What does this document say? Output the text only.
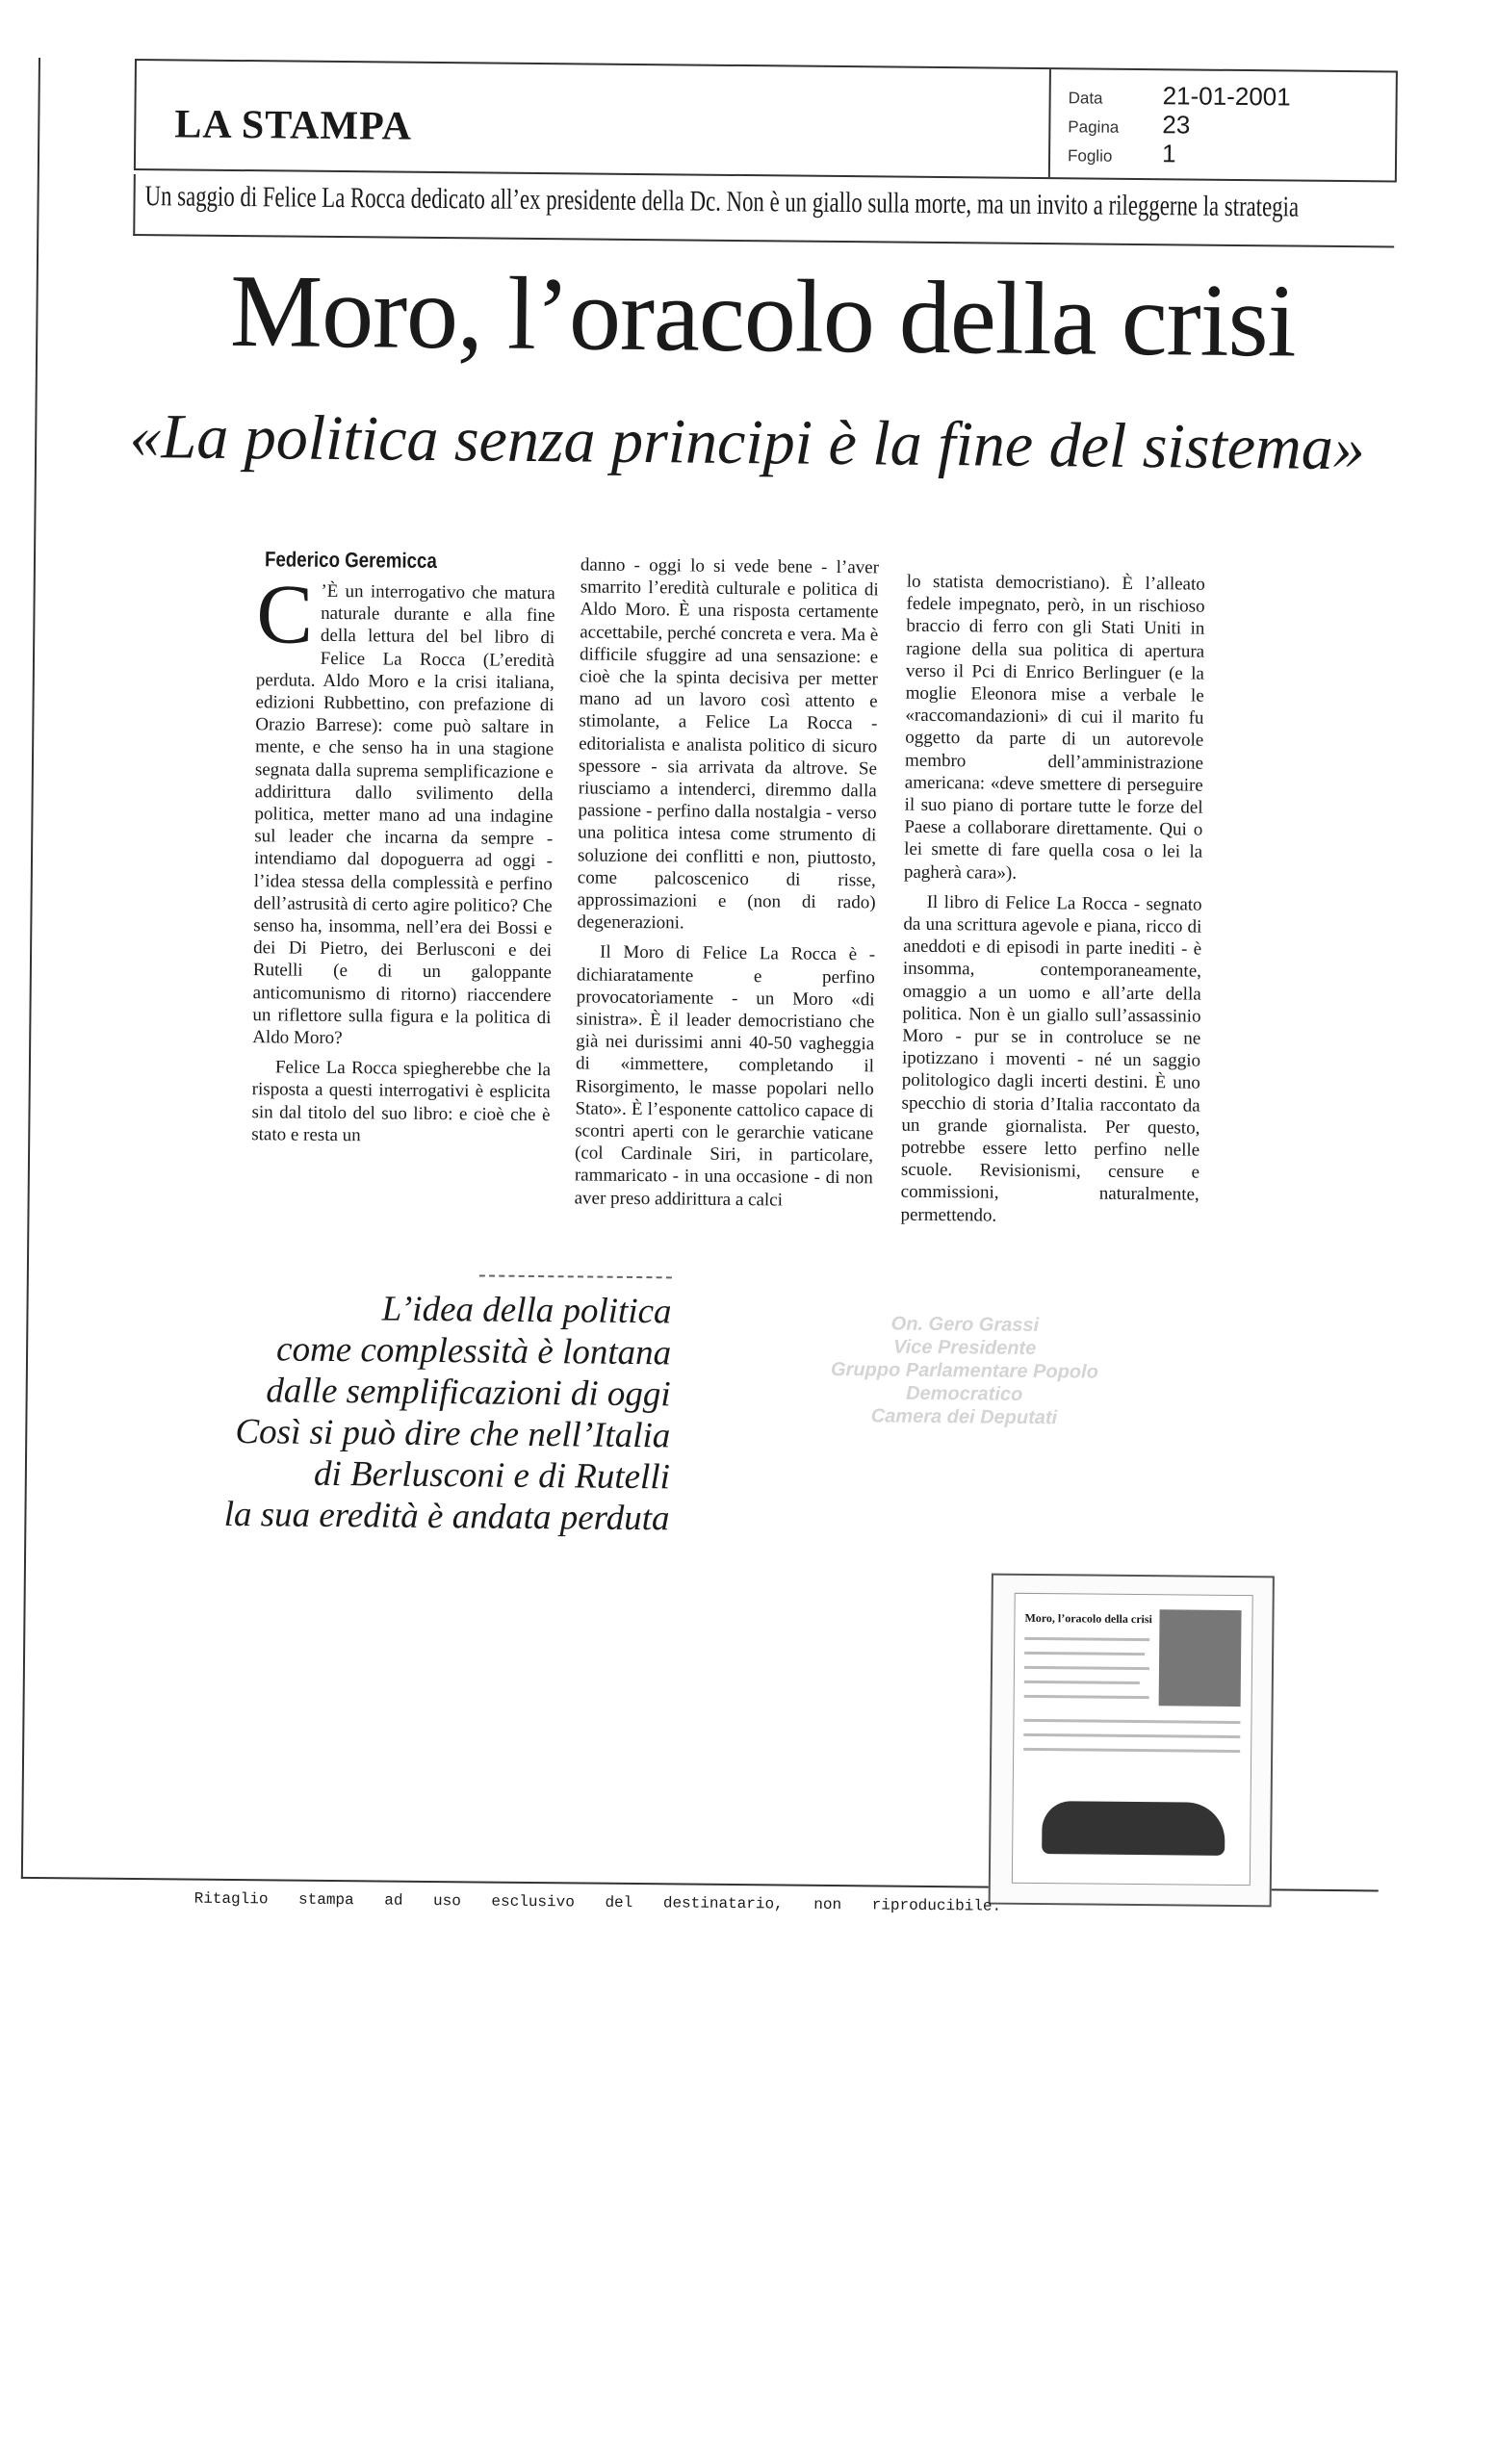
LA STAMPA
Data 21-01-2001
Pagina 23
Foglio 1
Un saggio di Felice La Rocca dedicato all’ex presidente della Dc. Non è un giallo sulla morte, ma un invito a rileggerne la strategia
Moro, l’oracolo della crisi
«La politica senza principi è la fine del sistema»
Federico Geremicca

C ’È un interrogativo che matura naturale durante e alla fine della lettura del bel libro di Felice La Rocca (L’eredità perduta. Aldo Moro e la crisi italiana, edizioni Rubbettino, con prefazione di Orazio Barrese): come può saltare in mente, e che senso ha in una stagione segnata dalla suprema semplificazione e addirittura dallo svilimento della politica, metter mano ad una indagine sul leader che incarna da sempre - intendiamo dal dopoguerra ad oggi - l’idea stessa della complessità e perfino dell’astrusità di certo agire politico? Che senso ha, insomma, nell’era dei Bossi e dei Di Pietro, dei Berlusconi e dei Rutelli (e di un galoppante anticomunismo di ritorno) riaccendere un riflettore sulla figura e la politica di Aldo Moro?

Felice La Rocca spiegherebbe che la risposta a questi interrogativi è esplicita sin dal titolo del suo libro: e cioè che è stato e resta un

danno - oggi lo si vede bene - l’aver smarrito l’eredità culturale e politica di Aldo Moro. È una risposta certamente accettabile, perché concreta e vera. Ma è difficile sfuggire ad una sensazione: e cioè che la spinta decisiva per metter mano ad un lavoro così attento e stimolante, a Felice La Rocca - editorialista e analista politico di sicuro spessore - sia arrivata da altrove. Se riusciamo a intenderci, diremmo dalla passione - perfino dalla nostalgia - verso una politica intesa come strumento di soluzione dei conflitti e non, piuttosto, come palcoscenico di risse, approssimazioni e (non di rado) degenerazioni.

Il Moro di Felice La Rocca è - dichiaratamente e perfino provocatoriamente - un Moro «di sinistra». È il leader democristiano che già nei durissimi anni 40-50 vagheggia di «immettere, completando il Risorgimento, le masse popolari nello Stato». È l’esponente cattolico capace di scontri aperti con le gerarchie vaticane (col Cardinale Siri, in particolare, rammaricato - in una occasione - di non aver preso addirittura a calci

lo statista democristiano). È l’alleato fedele impegnato, però, in un rischioso braccio di ferro con gli Stati Uniti in ragione della sua politica di apertura verso il Pci di Enrico Berlinguer (e la moglie Eleonora mise a verbale le «raccomandazioni» di cui il marito fu oggetto da parte di un autorevole membro dell’amministrazione americana: «deve smettere di perseguire il suo piano di portare tutte le forze del Paese a collaborare direttamente. Qui o lei smette di fare quella cosa o lei la pagherà cara»).

Il libro di Felice La Rocca - segnato da una scrittura agevole e piana, ricco di aneddoti e di episodi in parte inediti - è insomma, contemporaneamente, omaggio a un uomo e all’arte della politica. Non è un giallo sull’assassinio Moro - pur se in controluce se ne ipotizzano i moventi - né un saggio politologico dagli incerti destini. È uno specchio di storia d’Italia raccontato da un grande giornalista. Per questo, potrebbe essere letto perfino nelle scuole. Revisionismi, censure e commissioni, naturalmente, permettendo.

L’idea della politica
come complessità è lontana
dalle semplificazioni di oggi
Così si può dire che nell’Italia
di Berlusconi e di Rutelli
la sua eredità è andata perduta
On. Gero Grassi
Vice Presidente
Gruppo Parlamentare Popolo Democratico
Camera dei Deputati
Moro, l’oracolo della crisi
Ritaglio stampa ad uso esclusivo del destinatario, non riproducibile.
